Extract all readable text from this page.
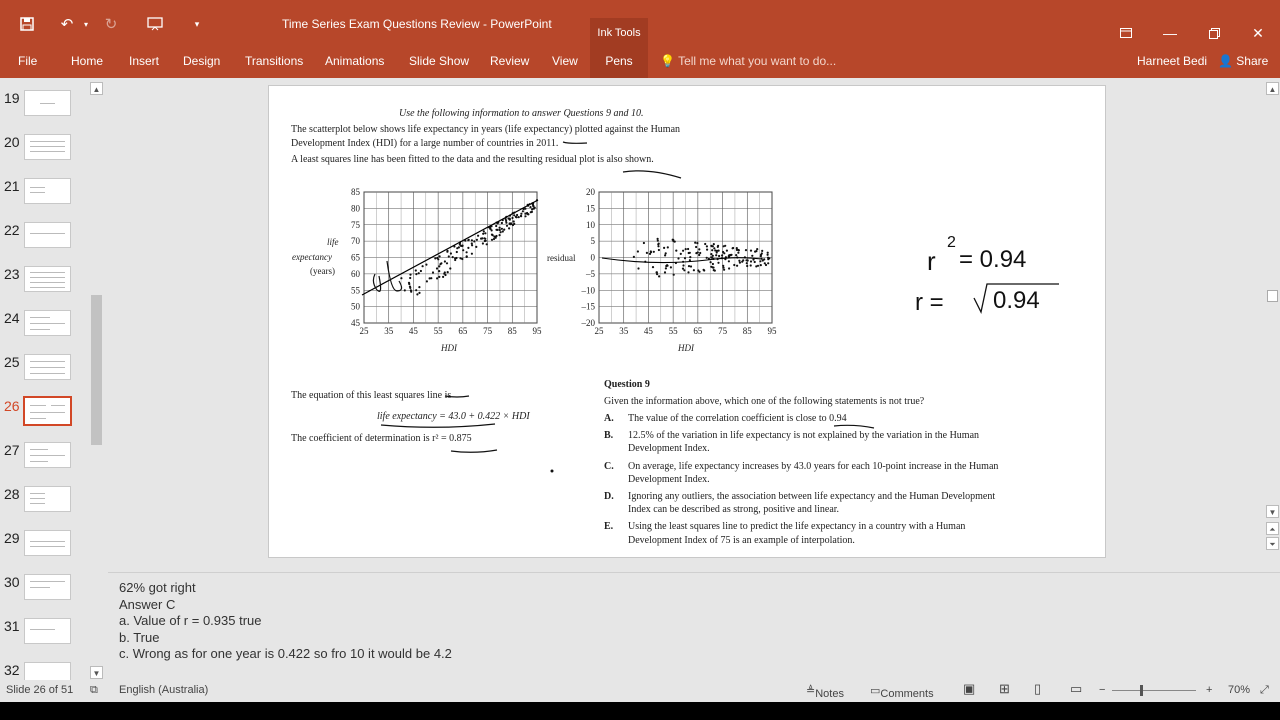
↶	▾	↻	▾	Time Series Exam Questions Review - PowerPoint
Ink Tools	—	✕
File	Home Insert Design Transitions Animations Slide Show Review View	Pens	💡 Tell me what you want to do...	Harneet Bedi 👤 Share
19
20
21
22
23
24
25
26
27
28
29
30
31
32
▲
▼
Use the following information to answer Questions 9 and 10.
The scatterplot below shows life expectancy in years (life expectancy) plotted against the Human
Development Index (HDI) for a large number of countries in 2011.
A least squares line has been fitted to the data and the resulting residual plot is also shown.
life
expectancy
(years)
85
80
75
70
65
60
55
50
45
25 35 45 55 65 75 85 95
HDI
residual
20
15
10
5
0
–5
–10
–15
–20
25 35 45 55 65 75 85 95
HDI
The equation of this least squares line is
life expectancy = 43.0 + 0.422 × HDI
The coefficient of determination is r² = 0.875
Question 9
Given the information above, which one of the following statements is not true?
A. The value of the correlation coefficient is close to 0.94
B. 12.5% of the variation in life expectancy is not explained by the variation in the Human
Development Index.
C. On average, life expectancy increases by 43.0 years for each 10-point increase in the Human
Development Index.
D. Ignoring any outliers, the association between life expectancy and the Human Development
Index can be described as strong, positive and linear.
E. Using the least squares line to predict the life expectancy in a country with a Human
Development Index of 75 is an example of interpolation.
r
2
= 0.94
r = 0.94
▲
▼
⏶
⏷
62% got right
Answer C
a. Value of r = 0.935 true
b. True
c. Wrong as for one year is 0.422 so fro 10 it would be 4.2
Slide 26 of 51 ⧉ English (Australia)	≜ Notes ▭ Comments ▣ ⊞ ▯ ▭ −	+ 70% ⤢
